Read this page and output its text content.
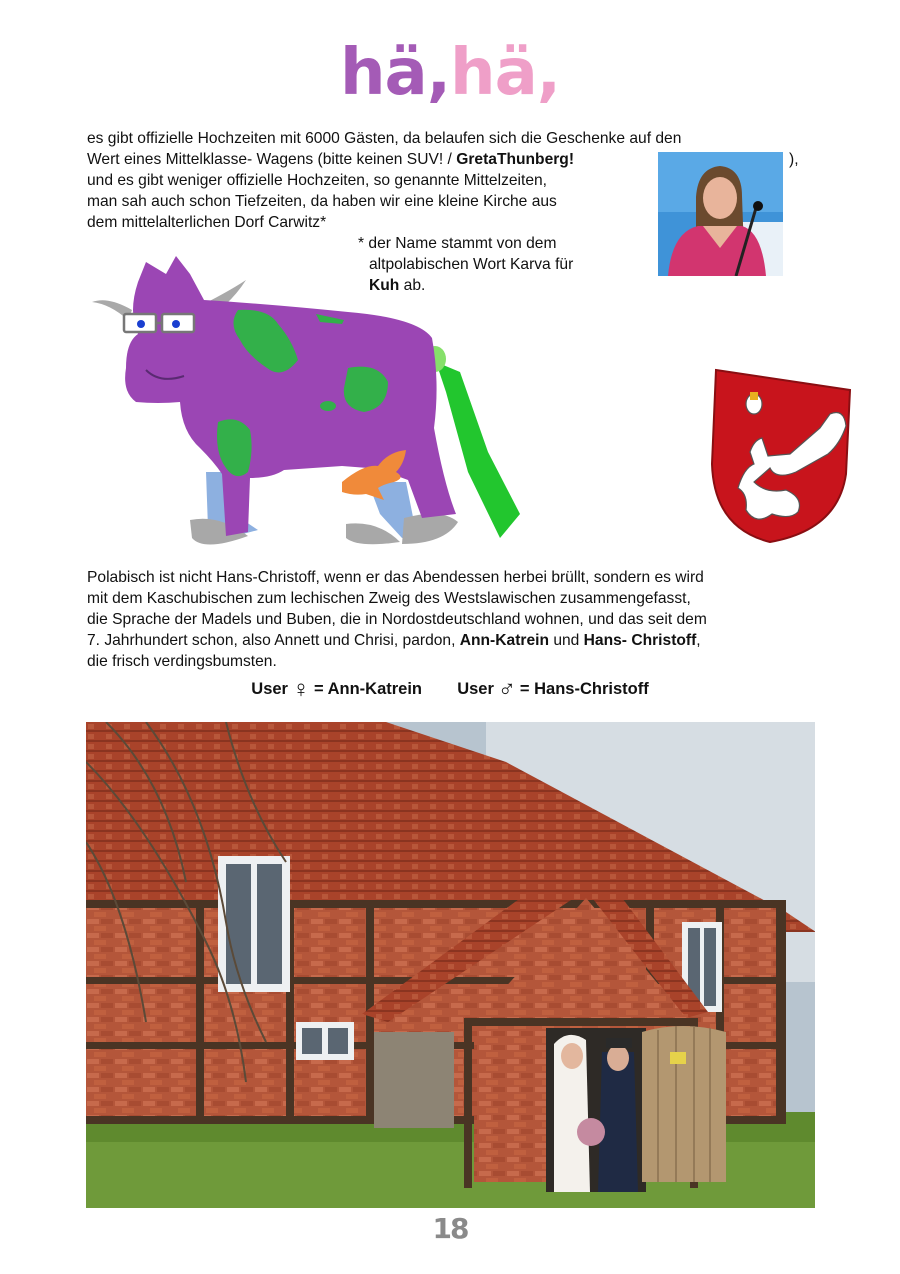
hä,hä,
es gibt offizielle Hochzeiten mit 6000 Gästen, da belaufen sich die Geschenke auf den
Wert eines Mittelklasse- Wagens (bitte keinen SUV! / GretaThunberg!	),
und es gibt weniger offizielle Hochzeiten, so genannte Mittelzeiten,
man sah auch schon Tiefzeiten, da haben wir eine kleine Kirche aus
dem mittelalterlichen Dorf Carwitz*
* der Name stammt von dem
altpolabischen Wort Karva für
Kuh ab.
Polabisch ist nicht Hans-Christoff, wenn er das Abendessen herbei brüllt, sondern es wird
mit dem Kaschubischen zum lechischen Zweig des Westslawischen zusammengefasst,
die Sprache der Madels und Buben, die in Nordostdeutschland wohnen, und das seit dem
7. Jahrhundert schon, also Annett und Chrisi, pardon, Ann-Katrein und Hans- Christoff,
die frisch verdingsbumsten.
User ♀ = Ann-Katrein User ♂ = Hans-Christoff
18
